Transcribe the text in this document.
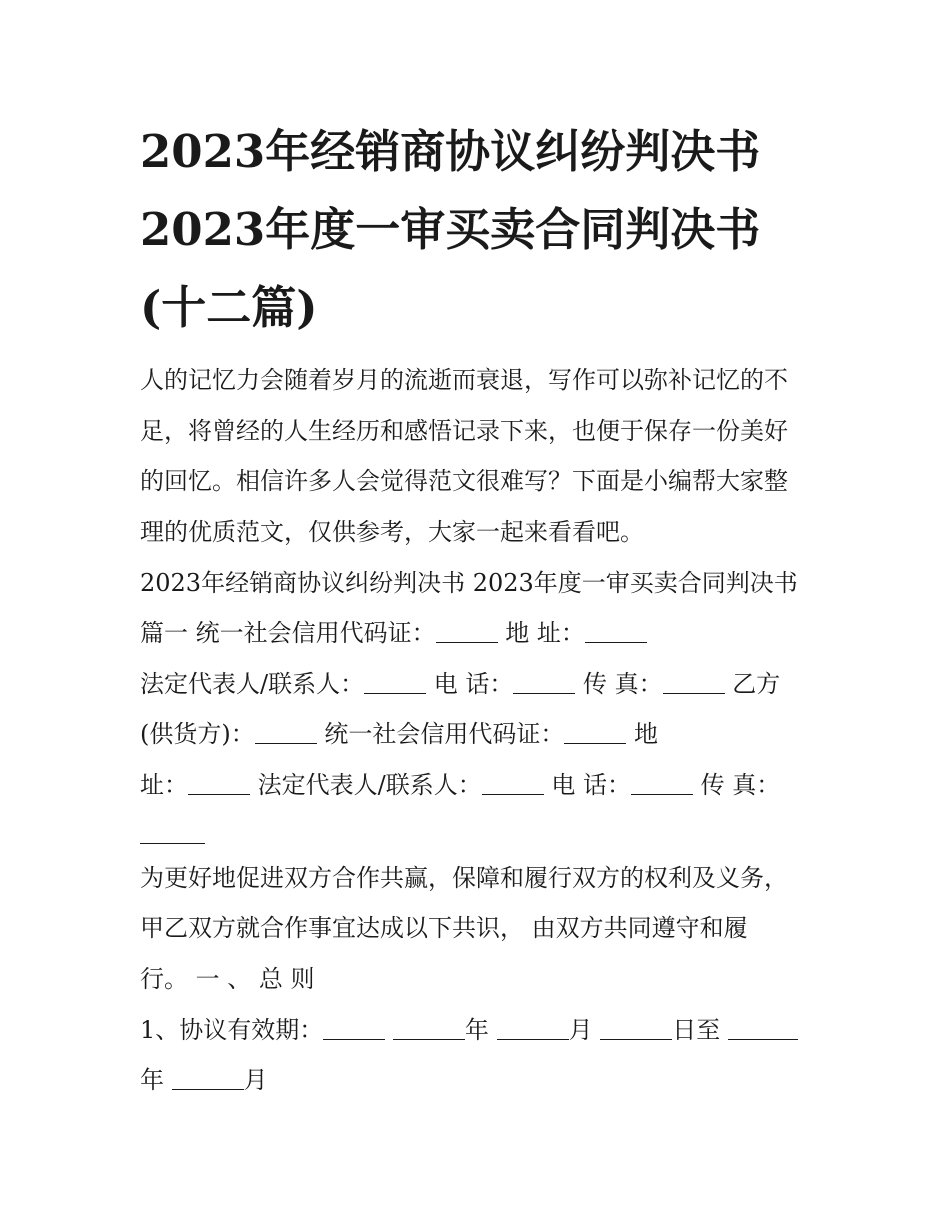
2023年经销商协议纠纷判决书
2023年度一审买卖合同判决书
(十二篇)

人的记忆力会随着岁月的流逝而衰退，写作可以弥补记忆的不

足，将曾经的人生经历和感悟记录下来，也便于保存一份美好

的回忆。相信许多人会觉得范文很难写？下面是小编帮大家整

理的优质范文，仅供参考，大家一起来看看吧。

2023年经销商协议纠纷判决书 2023年度一审买卖合同判决书

篇一 统一社会信用代码证：	地 址：

法定代表人/联系人：	电 话：	传 真：	乙方

(供货方)：	统一社会信用代码证：	地

址：	法定代表人/联系人：	电 话：	传 真：

为更好地促进双方合作共赢，保障和履行双方的权利及义务，

甲乙双方就合作事宜达成以下共识， 由双方共同遵守和履

行。 一 、 总 则

1、协议有效期：	年	月	日至

年	月
